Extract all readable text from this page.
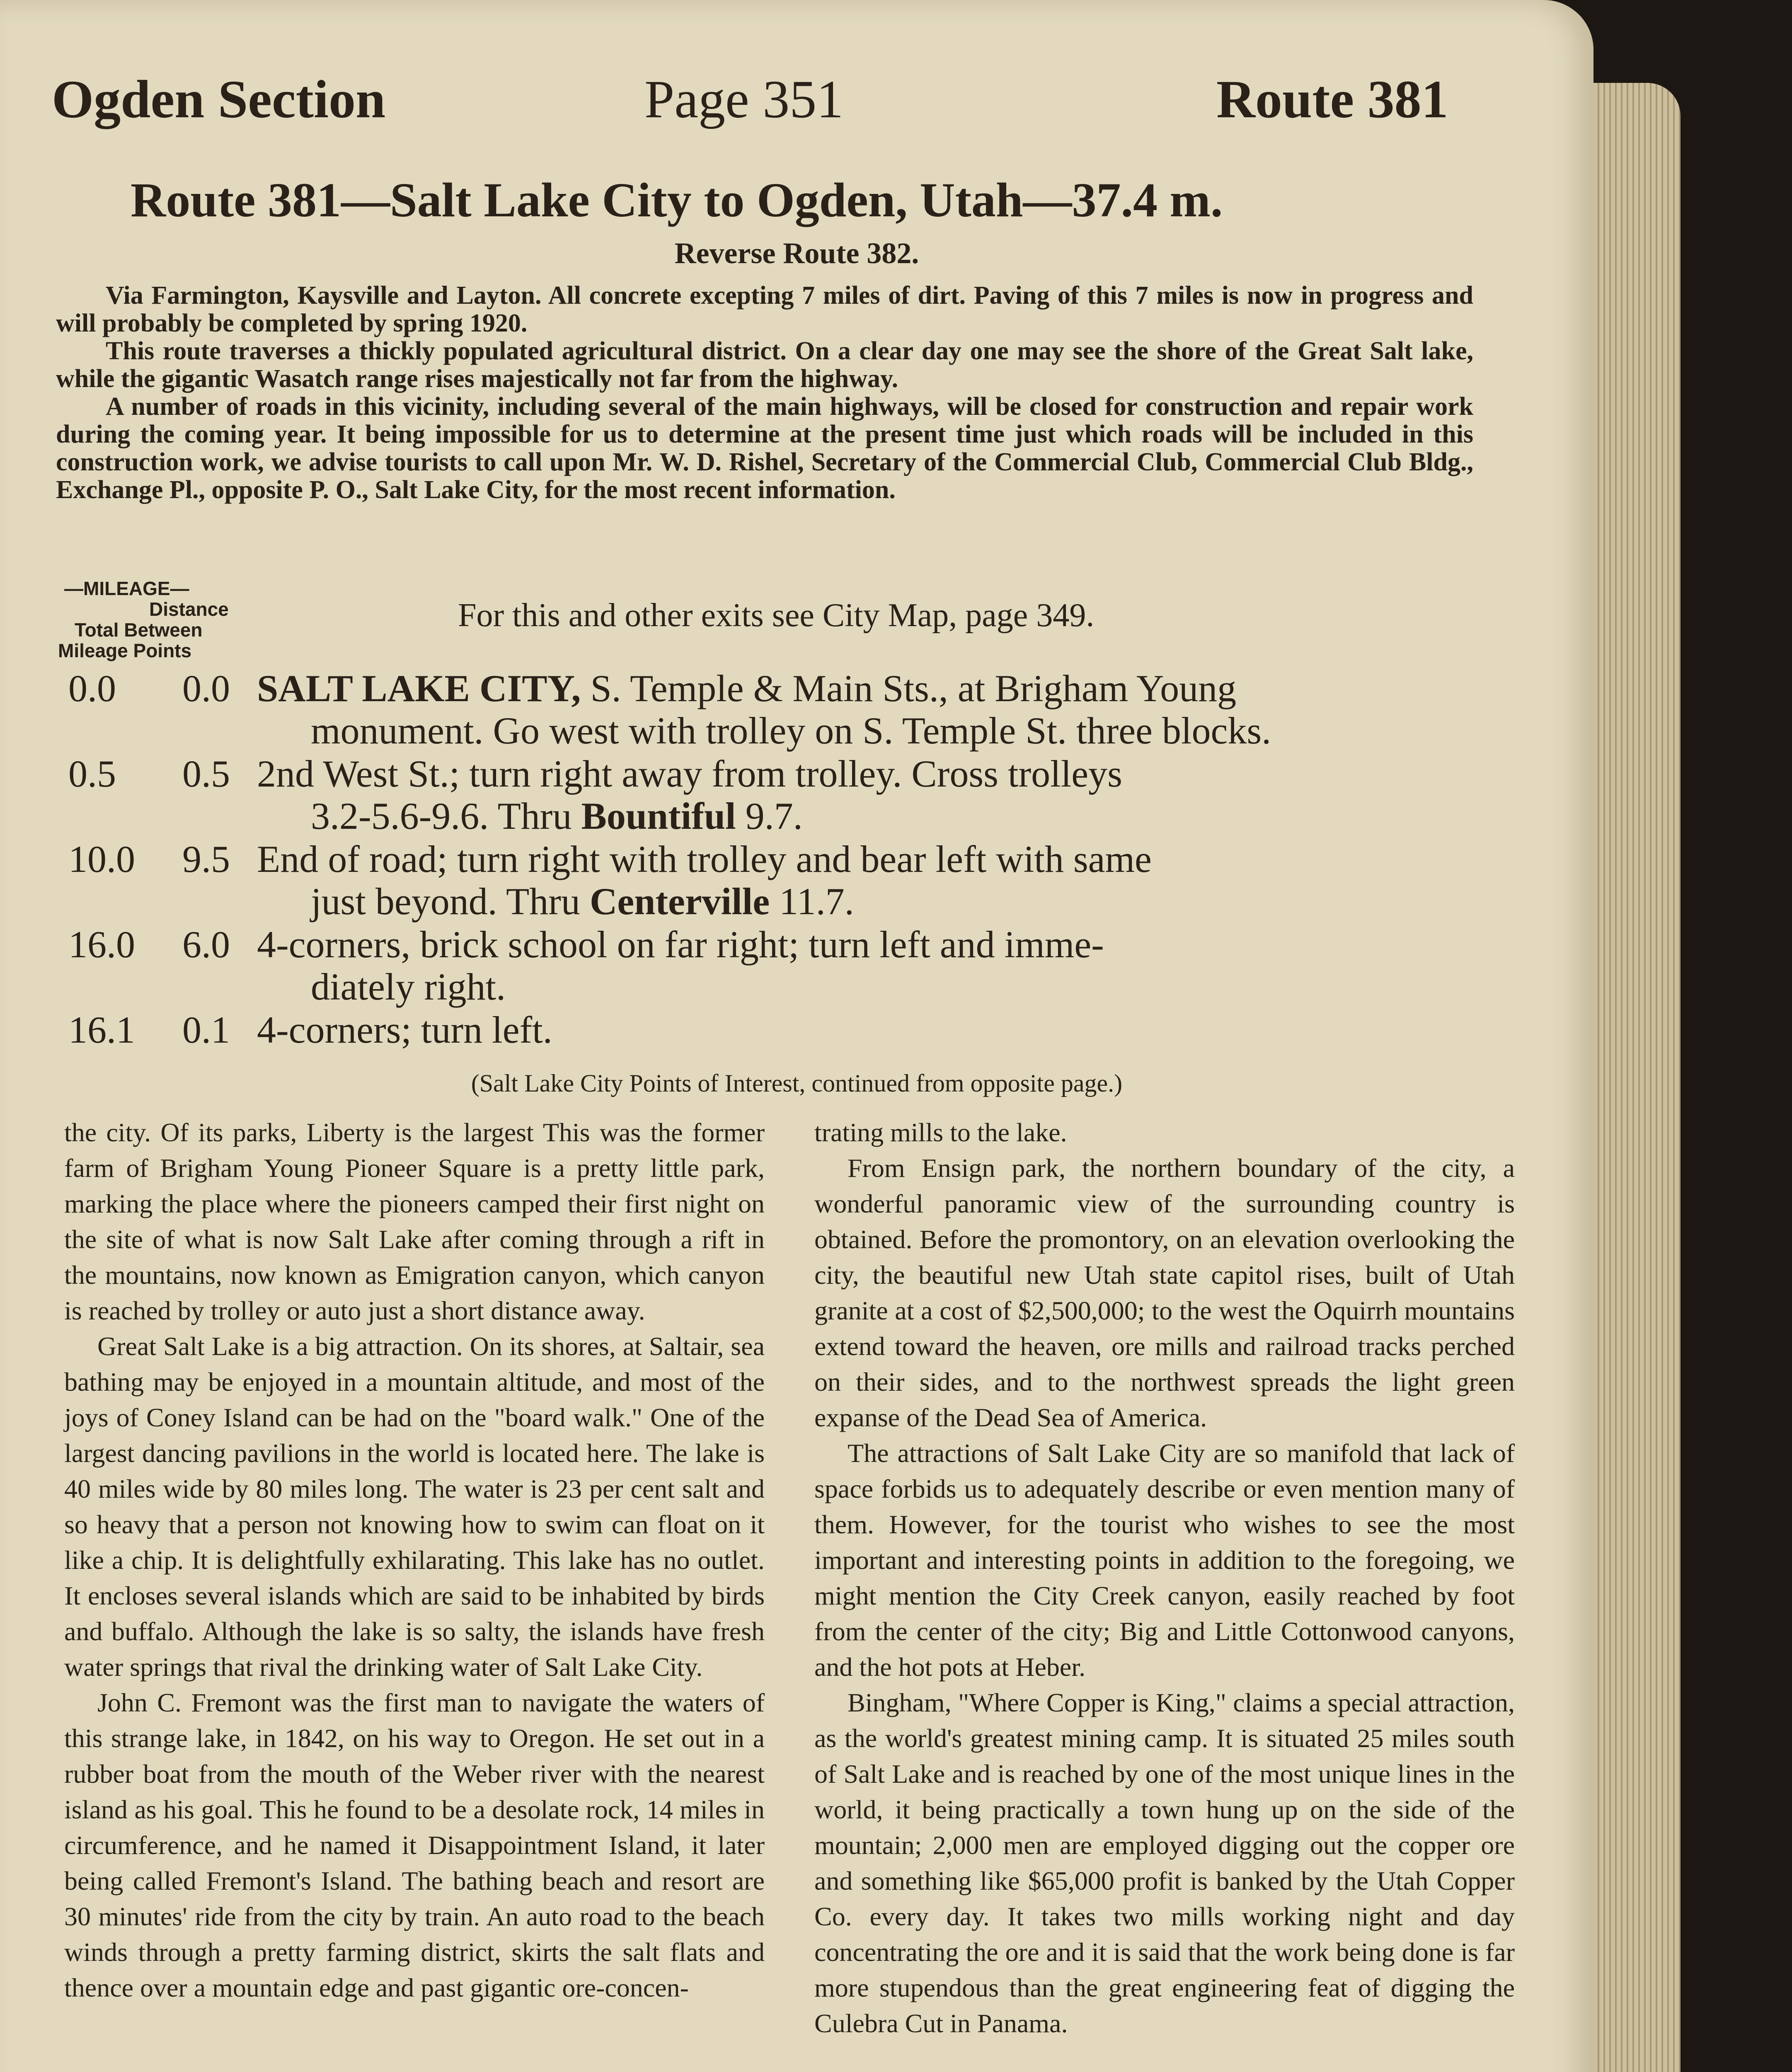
Ogden Section	Page 351	Route 381
Route 381—Salt Lake City to Ogden, Utah—37.4 m.
Reverse Route 382.

Via Farmington, Kaysville and Layton. All concrete excepting 7 miles of dirt. Paving of this 7 miles is now in progress and will probably be completed by spring 1920.

This route traverses a thickly populated agricultural district. On a clear day one may see the shore of the Great Salt lake, while the gigantic Wasatch range rises majestically not far from the highway.

A number of roads in this vicinity, including several of the main highways, will be closed for construction and repair work during the coming year. It being impossible for us to determine at the present time just which roads will be included in this construction work, we advise tourists to call upon Mr. W. D. Rishel, Secretary of the Commercial Club, Commercial Club Bldg., Exchange Pl., opposite P. O., Salt Lake City, for the most recent information.

—MILEAGE—
Distance
Total Between
Mileage Points
For this and other exits see City Map, page 349.
0.0 0.0 SALT LAKE CITY, S. Temple & Main Sts., at Brigham Young
monument. Go west with trolley on S. Temple St. three blocks.
0.5 0.5 2nd West St.; turn right away from trolley. Cross trolleys
3.2-5.6-9.6. Thru Bountiful 9.7.
10.0 9.5 End of road; turn right with trolley and bear left with same
just beyond. Thru Centerville 11.7.
16.0 6.0 4-corners, brick school on far right; turn left and imme-
diately right.
16.1 0.1 4-corners; turn left.
(Salt Lake City Points of Interest, continued from opposite page.)

the city. Of its parks, Liberty is the largest This was the former farm of Brigham Young Pioneer Square is a pretty little park, marking the place where the pioneers camped their first night on the site of what is now Salt Lake after coming through a rift in the mountains, now known as Emigration canyon, which canyon is reached by trolley or auto just a short distance away.

Great Salt Lake is a big attraction. On its shores, at Saltair, sea bathing may be enjoyed in a mountain altitude, and most of the joys of Coney Island can be had on the "board walk." One of the largest dancing pavilions in the world is located here. The lake is 40 miles wide by 80 miles long. The water is 23 per cent salt and so heavy that a person not knowing how to swim can float on it like a chip. It is delightfully exhilarating. This lake has no outlet. It encloses several islands which are said to be inhabited by birds and buffalo. Although the lake is so salty, the islands have fresh water springs that rival the drinking water of Salt Lake City.

John C. Fremont was the first man to navigate the waters of this strange lake, in 1842, on his way to Oregon. He set out in a rubber boat from the mouth of the Weber river with the nearest island as his goal. This he found to be a desolate rock, 14 miles in circumference, and he named it Disappointment Island, it later being called Fremont's Island. The bathing beach and resort are 30 minutes' ride from the city by train. An auto road to the beach winds through a pretty farming district, skirts the salt flats and thence over a mountain edge and past gigantic ore-concen-

trating mills to the lake.

From Ensign park, the northern boundary of the city, a wonderful panoramic view of the surrounding country is obtained. Before the promontory, on an elevation overlooking the city, the beautiful new Utah state capitol rises, built of Utah granite at a cost of $2,500,000; to the west the Oquirrh mountains extend toward the heaven, ore mills and railroad tracks perched on their sides, and to the northwest spreads the light green expanse of the Dead Sea of America.

The attractions of Salt Lake City are so manifold that lack of space forbids us to adequately describe or even mention many of them. However, for the tourist who wishes to see the most important and interesting points in addition to the foregoing, we might mention the City Creek canyon, easily reached by foot from the center of the city; Big and Little Cottonwood canyons, and the hot pots at Heber.

Bingham, "Where Copper is King," claims a special attraction, as the world's greatest mining camp. It is situated 25 miles south of Salt Lake and is reached by one of the most unique lines in the world, it being practically a town hung up on the side of the mountain; 2,000 men are employed digging out the copper ore and something like $65,000 profit is banked by the Utah Copper Co. every day. It takes two mills working night and day concentrating the ore and it is said that the work being done is far more stupendous than the great engineering feat of digging the Culebra Cut in Panama.
